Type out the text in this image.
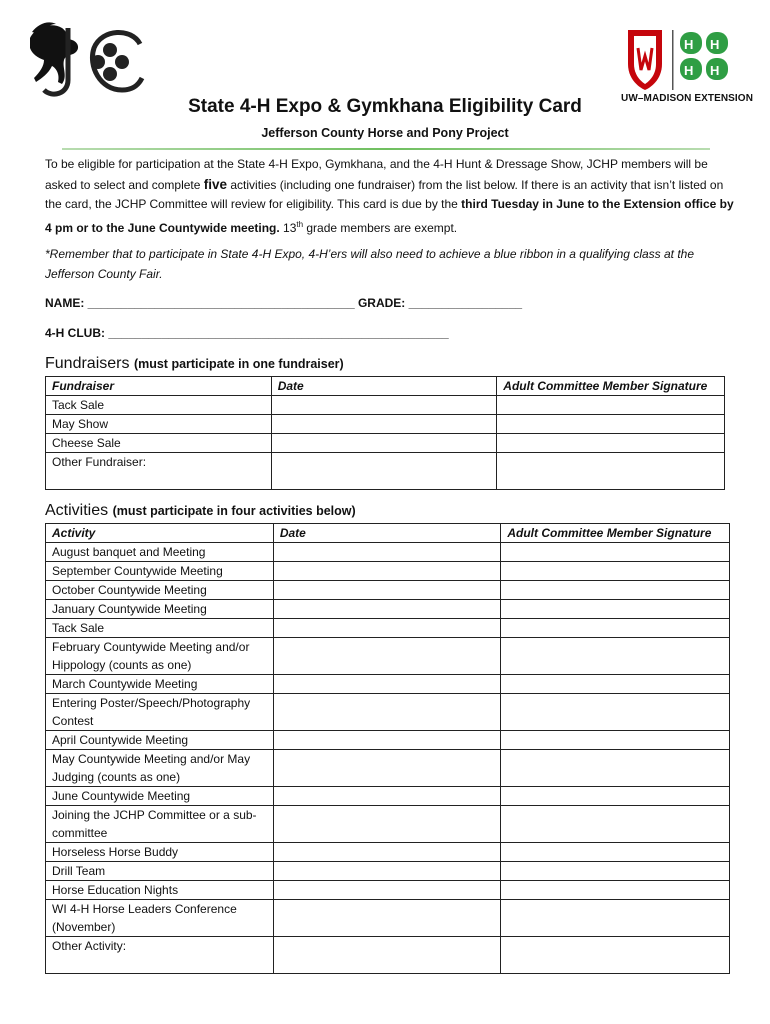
H H
H H
UW–MADISON EXTENSION
State 4-H Expo & Gymkhana Eligibility Card
Jefferson County Horse and Pony Project
To be eligible for participation at the State 4-H Expo, Gymkhana, and the 4-H Hunt & Dressage Show, JCHP members will be asked to select and complete five activities (including one fundraiser) from the list below. If there is an activity that isn’t listed on the card, the JCHP Committee will review for eligibility. This card is due by the third Tuesday in June to the Extension office by 4 pm or to the June Countywide meeting. 13th grade members are exempt.
*Remember that to participate in State 4-H Expo, 4-H’ers will also need to achieve a blue ribbon in a qualifying class at the Jefferson County Fair.
NAME: ________________________________________ GRADE: _________________
4-H CLUB: ___________________________________________________
Fundraisers (must participate in one fundraiser)
Fundraiser	Date	Adult Committee Member Signature
Tack Sale		
May Show		
Cheese Sale		
Other Fundraiser:		
Activities (must participate in four activities below)
Activity	Date	Adult Committee Member Signature
August banquet and Meeting		
September Countywide Meeting		
October Countywide Meeting		
January Countywide Meeting		
Tack Sale		
February Countywide Meeting and/or Hippology (counts as one)		
March Countywide Meeting		
Entering Poster/Speech/Photography Contest		
April Countywide Meeting		
May Countywide Meeting and/or May Judging (counts as one)		
June Countywide Meeting		
Joining the JCHP Committee or a sub-committee		
Horseless Horse Buddy		
Drill Team		
Horse Education Nights		
WI 4-H Horse Leaders Conference (November)		
Other Activity:		
